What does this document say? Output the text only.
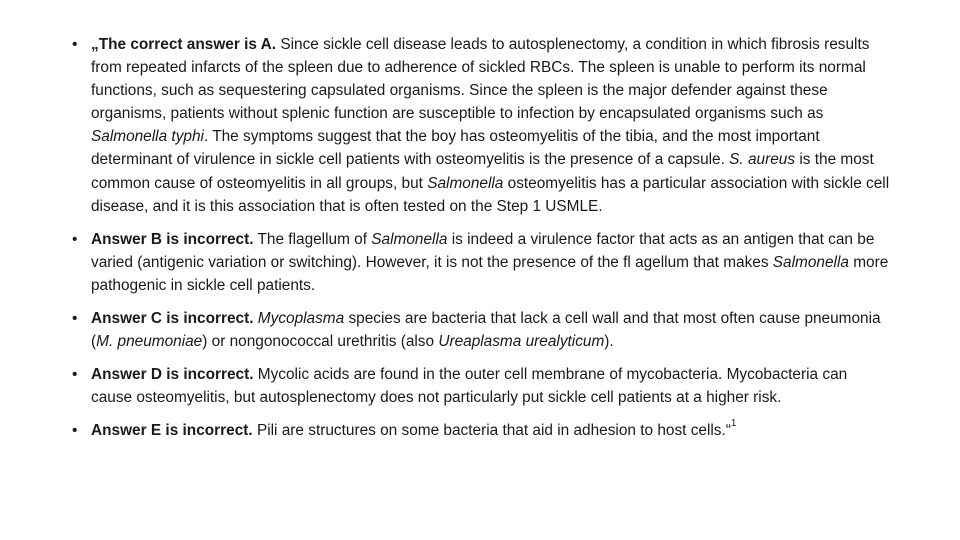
•
„The correct answer is A. Since sickle cell disease leads to autosplenectomy, a condition in which fibrosis results from repeated infarcts of the spleen due to adherence of sickled RBCs. The spleen is unable to perform its normal functions, such as sequestering capsulated organisms. Since the spleen is the major defender against these organisms, patients without splenic function are susceptible to infection by encapsulated organisms such as Salmonella typhi. The symptoms suggest that the boy has osteomyelitis of the tibia, and the most important determinant of virulence in sickle cell patients with osteomyelitis is the presence of a capsule. S. aureus is the most common cause of osteomyelitis in all groups, but Salmonella osteomyelitis has a particular association with sickle cell disease, and it is this association that is often tested on the Step 1 USMLE.
•
Answer B is incorrect. The flagellum of Salmonella is indeed a virulence factor that acts as an antigen that can be varied (antigenic variation or switching). However, it is not the presence of the fl agellum that makes Salmonella more pathogenic in sickle cell patients.
•
Answer C is incorrect. Mycoplasma species are bacteria that lack a cell wall and that most often cause pneumonia (M. pneumoniae) or nongonococcal urethritis (also Ureaplasma urealyticum).
•
Answer D is incorrect. Mycolic acids are found in the outer cell membrane of mycobacteria. Mycobacteria can cause osteomyelitis, but autosplenectomy does not particularly put sickle cell patients at a higher risk.
•
Answer E is incorrect. Pili are structures on some bacteria that aid in adhesion to host cells.“$^1$
